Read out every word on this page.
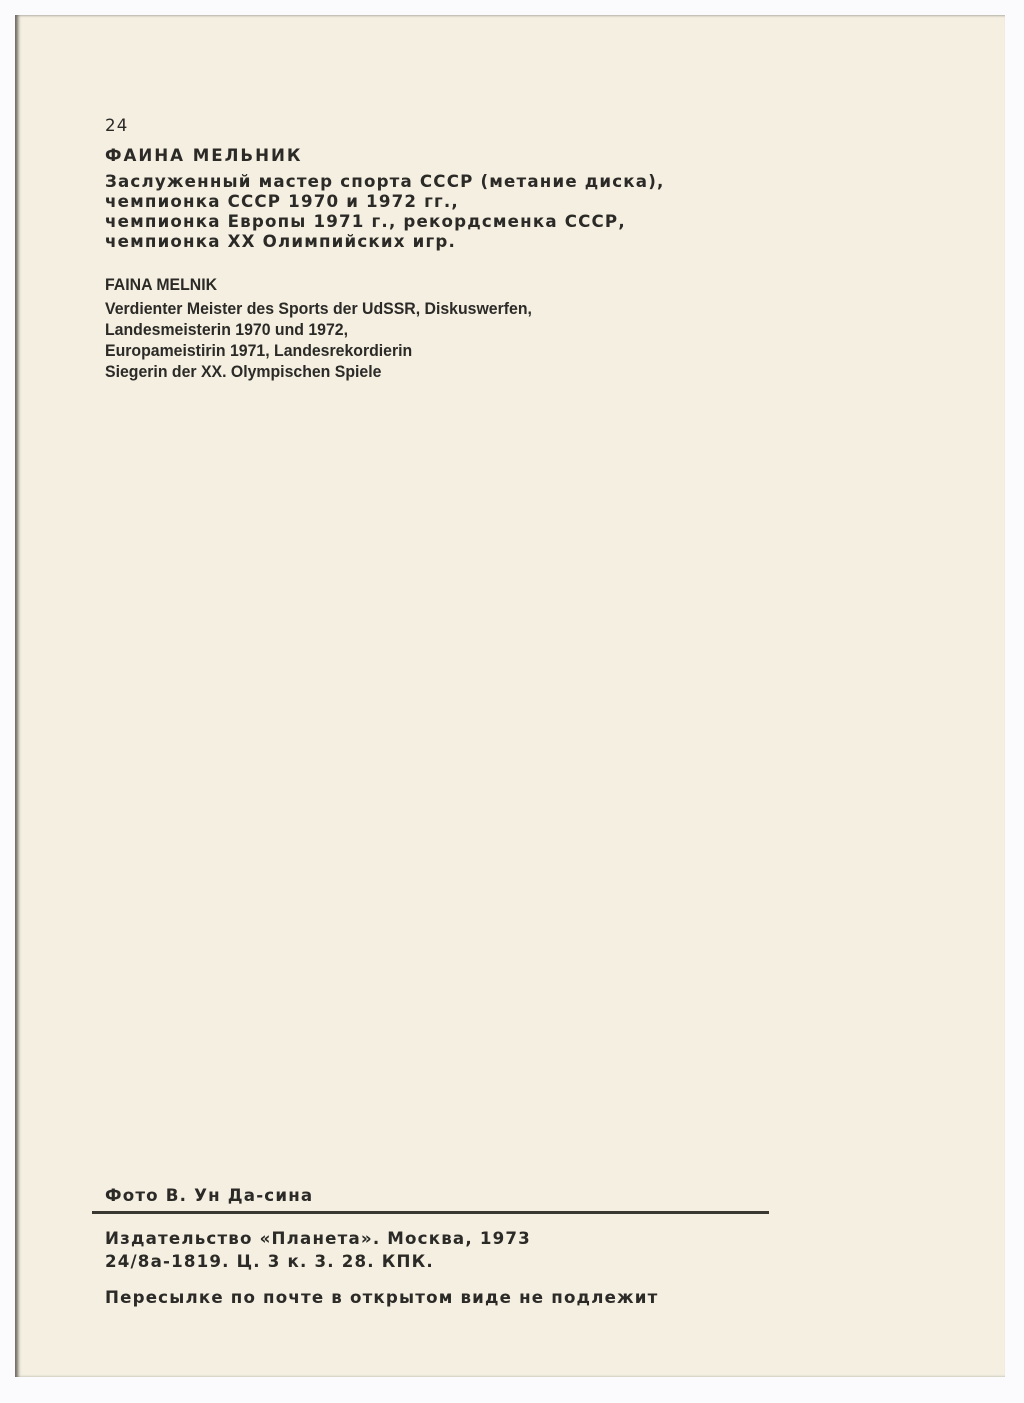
24
ФАИНА МЕЛЬНИК
Заслуженный мастер спорта СССР (метание диска),
чемпионка СССР 1970 и 1972 гг.,
чемпионка Европы 1971 г., рекордсменка СССР,
чемпионка XX Олимпийских игр.
FAINA MELNIK
Verdienter Meister des Sports der UdSSR, Diskuswerfen,
Landesmeisterin 1970 und 1972,
Europameistirin 1971, Landesrekordierin
Siegerin der XX. Olympischen Spiele
Фото В. Ун Да-сина
Издательство «Планета». Москва, 1973
24/8а-1819. Ц. 3 к. 3. 28. КПК.
Пересылке по почте в открытом виде не подлежит
